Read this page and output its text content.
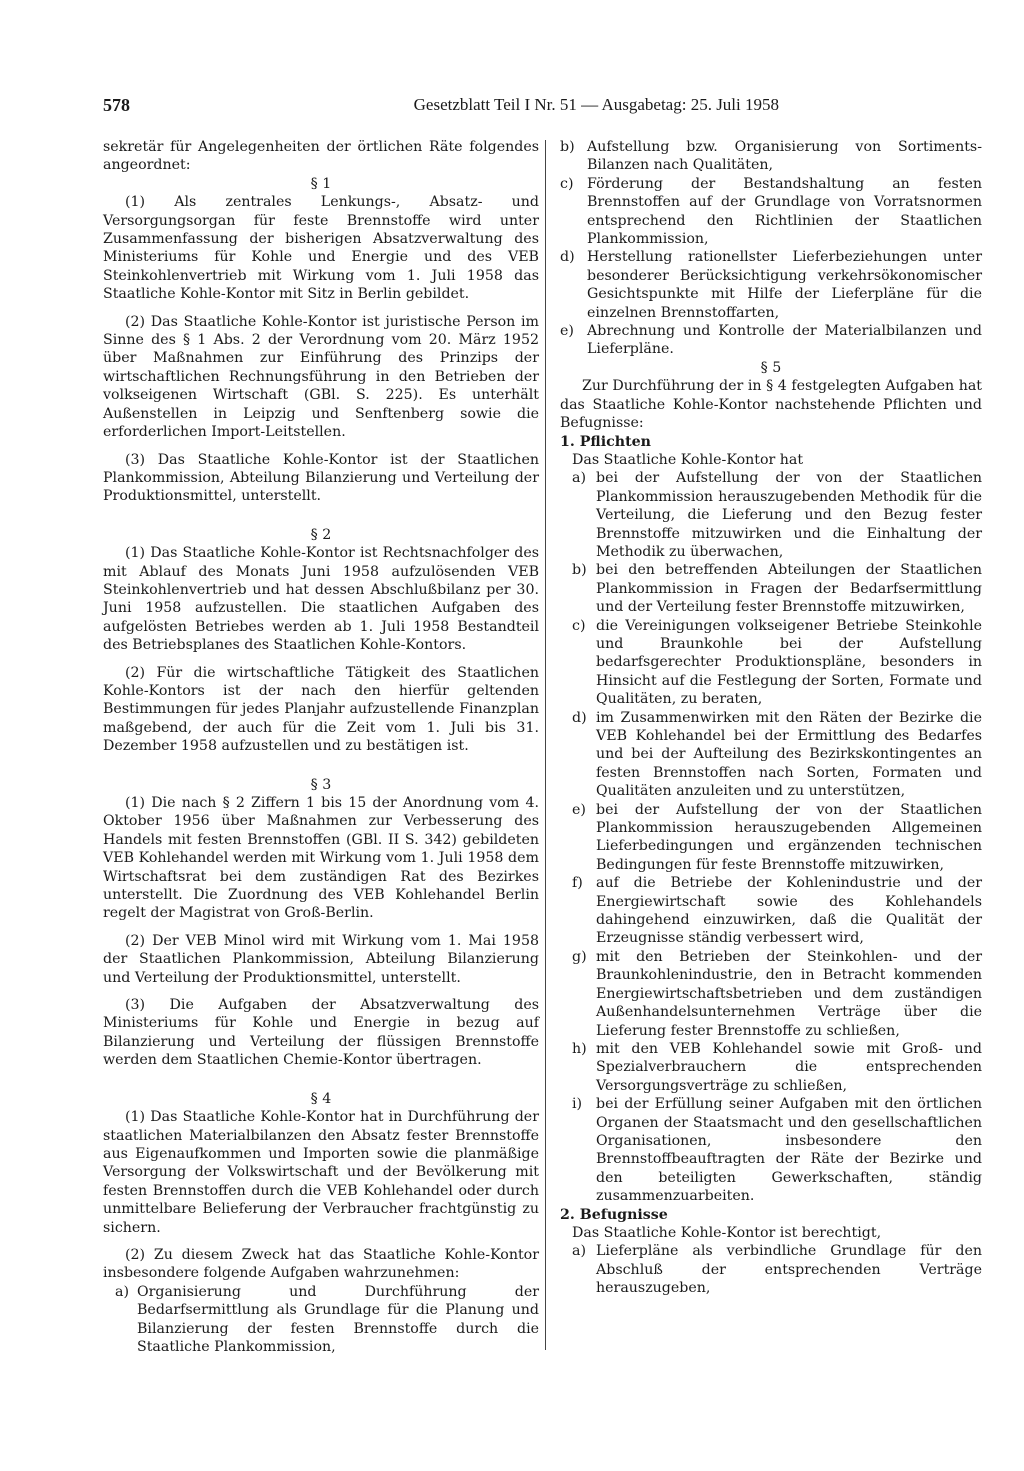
578	Gesetzblatt Teil I Nr. 51 — Ausgabetag: 25. Juli 1958

sekretär für Angelegenheiten der örtlichen Räte folgendes angeordnet:

§ 1

(1) Als zentrales Lenkungs-, Absatz- und Versorgungsorgan für feste Brennstoffe wird unter Zusammenfassung der bisherigen Absatzverwaltung des Ministeriums für Kohle und Energie und des VEB Steinkohlenvertrieb mit Wirkung vom 1. Juli 1958 das Staatliche Kohle-Kontor mit Sitz in Berlin gebildet.

(2) Das Staatliche Kohle-Kontor ist juristische Person im Sinne des § 1 Abs. 2 der Verordnung vom 20. März 1952 über Maßnahmen zur Einführung des Prinzips der wirtschaftlichen Rechnungsführung in den Betrieben der volkseigenen Wirtschaft (GBl. S. 225). Es unterhält Außenstellen in Leipzig und Senftenberg sowie die erforderlichen Import-Leitstellen.

(3) Das Staatliche Kohle-Kontor ist der Staatlichen Plankommission, Abteilung Bilanzierung und Verteilung der Produktionsmittel, unterstellt.

§ 2

(1) Das Staatliche Kohle-Kontor ist Rechtsnachfolger des mit Ablauf des Monats Juni 1958 aufzulösenden VEB Steinkohlenvertrieb und hat dessen Abschlußbilanz per 30. Juni 1958 aufzustellen. Die staatlichen Aufgaben des aufgelösten Betriebes werden ab 1. Juli 1958 Bestandteil des Betriebsplanes des Staatlichen Kohle-Kontors.

(2) Für die wirtschaftliche Tätigkeit des Staatlichen Kohle-Kontors ist der nach den hierfür geltenden Bestimmungen für jedes Planjahr aufzustellende Finanzplan maßgebend, der auch für die Zeit vom 1. Juli bis 31. Dezember 1958 aufzustellen und zu bestätigen ist.

§ 3

(1) Die nach § 2 Ziffern 1 bis 15 der Anordnung vom 4. Oktober 1956 über Maßnahmen zur Verbesserung des Handels mit festen Brennstoffen (GBl. II S. 342) gebildeten VEB Kohlehandel werden mit Wirkung vom 1. Juli 1958 dem Wirtschaftsrat bei dem zuständigen Rat des Bezirkes unterstellt. Die Zuordnung des VEB Kohlehandel Berlin regelt der Magistrat von Groß-Berlin.

(2) Der VEB Minol wird mit Wirkung vom 1. Mai 1958 der Staatlichen Plankommission, Abteilung Bilanzierung und Verteilung der Produktionsmittel, unterstellt.

(3) Die Aufgaben der Absatzverwaltung des Ministeriums für Kohle und Energie in bezug auf Bilanzierung und Verteilung der flüssigen Brennstoffe werden dem Staatlichen Chemie-Kontor übertragen.

§ 4

(1) Das Staatliche Kohle-Kontor hat in Durchführung der staatlichen Materialbilanzen den Absatz fester Brennstoffe aus Eigenaufkommen und Importen sowie die planmäßige Versorgung der Volkswirtschaft und der Bevölkerung mit festen Brennstoffen durch die VEB Kohlehandel oder durch unmittelbare Belieferung der Verbraucher frachtgünstig zu sichern.

(2) Zu diesem Zweck hat das Staatliche Kohle-Kontor insbesondere folgende Aufgaben wahrzunehmen:

a) Organisierung und Durchführung der Bedarfsermittlung als Grundlage für die Planung und Bilanzierung der festen Brennstoffe durch die Staatliche Plankommission,

b) Aufstellung bzw. Organisierung von Sortiments-Bilanzen nach Qualitäten,

c) Förderung der Bestandshaltung an festen Brennstoffen auf der Grundlage von Vorratsnormen entsprechend den Richtlinien der Staatlichen Plankommission,

d) Herstellung rationellster Lieferbeziehungen unter besonderer Berücksichtigung verkehrsökonomischer Gesichtspunkte mit Hilfe der Lieferpläne für die einzelnen Brennstoffarten,

e) Abrechnung und Kontrolle der Materialbilanzen und Lieferpläne.

§ 5

Zur Durchführung der in § 4 festgelegten Aufgaben hat das Staatliche Kohle-Kontor nachstehende Pflichten und Befugnisse:

1. Pflichten

Das Staatliche Kohle-Kontor hat

a) bei der Aufstellung der von der Staatlichen Plankommission herauszugebenden Methodik für die Verteilung, die Lieferung und den Bezug fester Brennstoffe mitzuwirken und die Einhaltung der Methodik zu überwachen,

b) bei den betreffenden Abteilungen der Staatlichen Plankommission in Fragen der Bedarfsermittlung und der Verteilung fester Brennstoffe mitzuwirken,

c) die Vereinigungen volkseigener Betriebe Steinkohle und Braunkohle bei der Aufstellung bedarfsgerechter Produktionspläne, besonders in Hinsicht auf die Festlegung der Sorten, Formate und Qualitäten, zu beraten,

d) im Zusammenwirken mit den Räten der Bezirke die VEB Kohlehandel bei der Ermittlung des Bedarfes und bei der Aufteilung des Bezirkskontingentes an festen Brennstoffen nach Sorten, Formaten und Qualitäten anzuleiten und zu unterstützen,

e) bei der Aufstellung der von der Staatlichen Plankommission herauszugebenden Allgemeinen Lieferbedingungen und ergänzenden technischen Bedingungen für feste Brennstoffe mitzuwirken,

f) auf die Betriebe der Kohlenindustrie und der Energiewirtschaft sowie des Kohlehandels dahingehend einzuwirken, daß die Qualität der Erzeugnisse ständig verbessert wird,

g) mit den Betrieben der Steinkohlen- und der Braunkohlenindustrie, den in Betracht kommenden Energiewirtschaftsbetrieben und dem zuständigen Außenhandelsunternehmen Verträge über die Lieferung fester Brennstoffe zu schließen,

h) mit den VEB Kohlehandel sowie mit Groß- und Spezialverbrauchern die entsprechenden Versorgungsverträge zu schließen,

i) bei der Erfüllung seiner Aufgaben mit den örtlichen Organen der Staatsmacht und den gesellschaftlichen Organisationen, insbesondere den Brennstoffbeauftragten der Räte der Bezirke und den beteiligten Gewerkschaften, ständig zusammenzuarbeiten.

2. Befugnisse

Das Staatliche Kohle-Kontor ist berechtigt,

a) Lieferpläne als verbindliche Grundlage für den Abschluß der entsprechenden Verträge herauszugeben,
